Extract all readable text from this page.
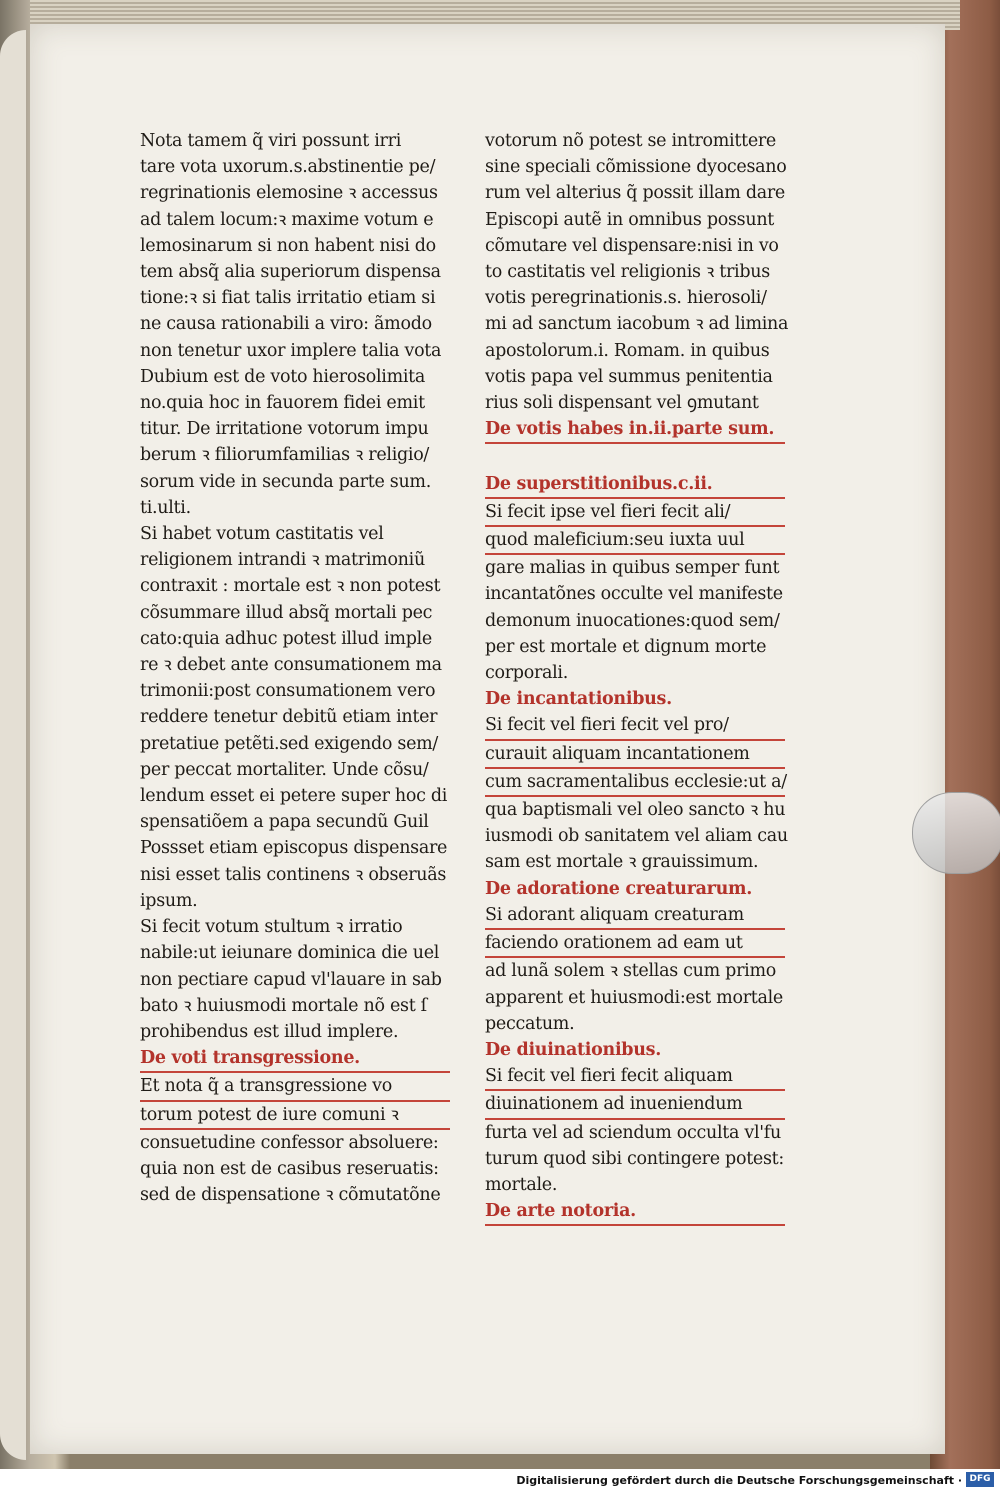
Nota tamem q̃ viri possunt irri
tare vota uxorum.s.abstinentie pe/
regrinationis elemosine ꝛ accessus
ad talem locum:ꝛ maxime votum e
lemosinarum si non habent nisi do
tem absq̃ alia superiorum dispensa
tione:ꝛ si fiat talis irritatio etiam si
ne causa rationabili a viro: ãmodo
non tenetur uxor implere talia vota
Dubium est de voto hierosolimita
no.quia hoc in fauorem fidei emit
titur. De irritatione votorum impu
berum ꝛ filiorumfamilias ꝛ religio/
sorum vide in secunda parte sum.
ti.ulti.
Si habet votum castitatis vel
religionem intrandi ꝛ matrimoniũ
contraxit : mortale est ꝛ non potest
cõsummare illud absq̃ mortali pec
cato:quia adhuc potest illud imple
re ꝛ debet ante consumationem ma
trimonii:post consumationem vero
reddere tenetur debitũ etiam inter
pretatiue petẽti.sed exigendo sem/
per peccat mortaliter. Unde cõsu/
lendum esset ei petere super hoc di
spensatiõem a papa secundũ Guil
Possset etiam episcopus dispensare
nisi esset talis continens ꝛ obseruãs
ipsum.
Si fecit votum stultum ꝛ irratio
nabile:ut ieiunare dominica die uel
non pectiare capud vl'lauare in sab
bato ꝛ huiusmodi mortale nõ est ſ
prohibendus est illud implere.
De voti transgressione.
Et nota q̃ a transgressione vo
torum potest de iure comuni ꝛ
consuetudine confessor absoluere:
quia non est de casibus reseruatis:
sed de dispensatione ꝛ cõmutatõne
votorum nõ potest se intromittere
sine speciali cõmissione dyocesano
rum vel alterius q̃ possit illam dare
Episcopi autẽ in omnibus possunt
cõmutare vel dispensare:nisi in vo
to castitatis vel religionis ꝛ tribus
votis peregrinationis.s. hierosoli/
mi ad sanctum iacobum ꝛ ad limina
apostolorum.i. Romam. in quibus
votis papa vel summus penitentia
rius soli dispensant vel ꝯmutant
De votis habes in.ii.parte sum.

De superstitionibus.c.ii.
Si fecit ipse vel fieri fecit ali/
quod maleficium:seu iuxta uul
gare malias in quibus semper funt
incantatõnes occulte vel manifeste
demonum inuocationes:quod sem/
per est mortale et dignum morte
corporali.
De incantationibus.
Si fecit vel fieri fecit vel pro/
curauit aliquam incantationem
cum sacramentalibus ecclesie:ut a/
qua baptismali vel oleo sancto ꝛ hu
iusmodi ob sanitatem vel aliam cau
sam est mortale ꝛ grauissimum.
De adoratione creaturarum.
Si adorant aliquam creaturam
faciendo orationem ad eam ut
ad lunã solem ꝛ stellas cum primo
apparent et huiusmodi:est mortale
peccatum.
De diuinationibus.
Si fecit vel fieri fecit aliquam
diuinationem ad inueniendum
furta vel ad sciendum occulta vl'fu
turum quod sibi contingere potest:
mortale.
De arte notoria.
Digitalisierung gefördert durch die Deutsche Forschungsgemeinschaft · DFG
